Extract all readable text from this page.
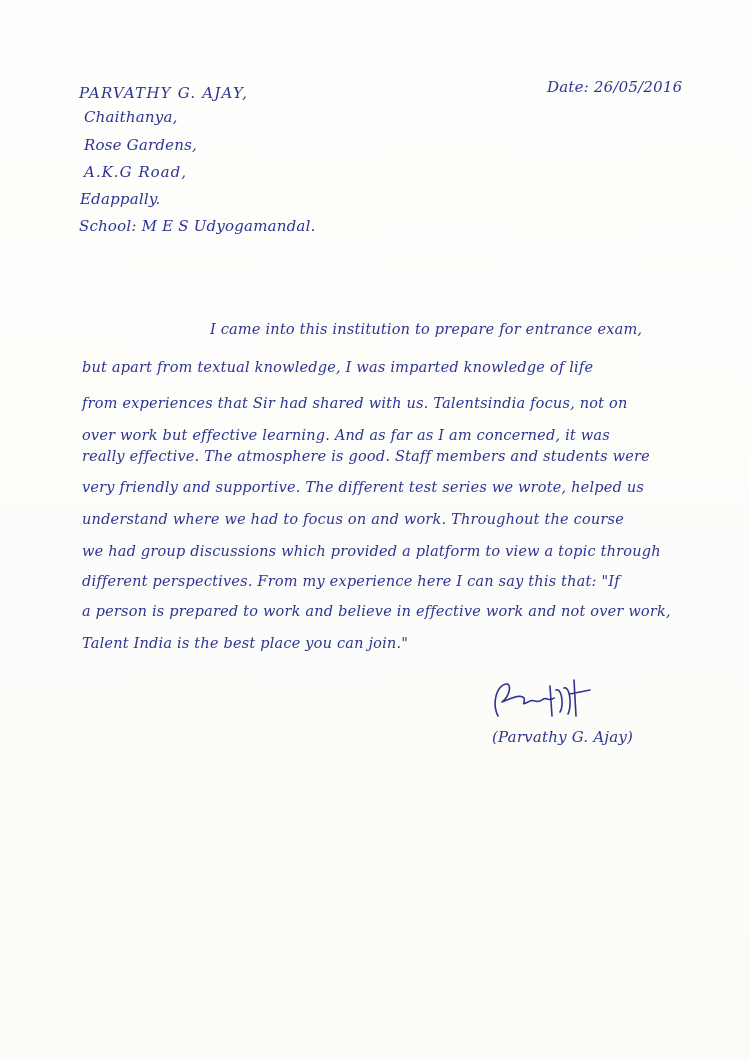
Date: 26/05/2016
PARVATHY G. AJAY,
Chaithanya,
Rose Gardens,
A.K.G Road,
Edappally.
School: M E S Udyogamandal.
I came into this institution to prepare for entrance exam,
but apart from textual knowledge, I was imparted knowledge of life
from experiences that Sir had shared with us. Talentsindia focus, not on
over work but effective learning. And as far as I am concerned, it was
really effective. The atmosphere is good. Staff members and students were
very friendly and supportive. The different test series we wrote, helped us
understand where we had to focus on and work. Throughout the course
we had group discussions which provided a platform to view a topic through
different perspectives. From my experience here I can say this that: "If
a person is prepared to work and believe in effective work and not over work,
Talent India is the best place you can join."
(Parvathy G. Ajay)
